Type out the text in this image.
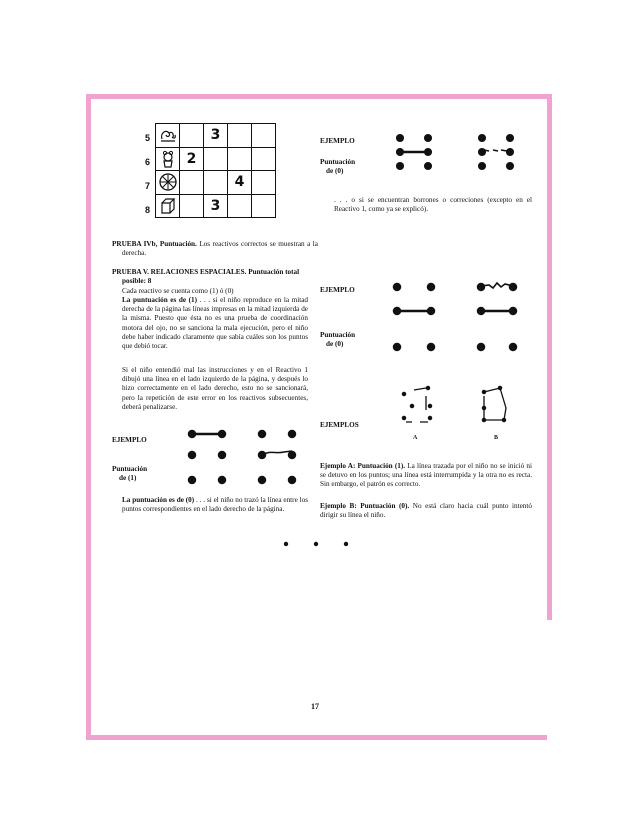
5
6
7
8
3
2
4
3

PRUEBA IVb, Puntuación. Los reactivos correctos se muestran a la derecha.

PRUEBA V. RELACIONES ESPACIALES. Puntuación total posible: 8

Cada reactivo se cuenta como (1) ó (0)

La puntuación es de (1) . . . si el niño reproduce en la mitad derecha de la página las líneas impresas en la mitad izquierda de la misma. Puesto que ésta no es una prueba de coordinación motora del ojo, no se sanciona la mala ejecución, pero el niño debe haber indicado claramente que sabía cuáles son los puntos que debió tocar.

Si el niño entendió mal las instrucciones y en el Reactivo 1 dibujó una línea en el lado izquierdo de la página, y después lo hizo correctamente en el lado derecho, esto no se sancionará, pero la repetición de este error en los reactivos subsecuentes, deberá penalizarse.

EJEMPLO

Puntuación

de (1)

La puntuación es de (0) . . . si el niño no trazó la línea entre los puntos correspondientes en el lado derecho de la página.

EJEMPLO

Puntuación

de (0)

. . . o si se encuentran borrones o correciones (excepto en el Reactivo 1, como ya se explicó).

EJEMPLO

Puntuación

de (0)

EJEMPLOS

A	B

Ejemplo A: Puntuación (1). La línea trazada por el niño no se inició ni se detuvo en los puntos; una línea está interrumpida y la otra no es recta. Sin embargo, el patrón es correcto.

Ejemplo B: Puntuación (0). No está claro hacia cuál punto intentó dirigir su línea el niño.

17
